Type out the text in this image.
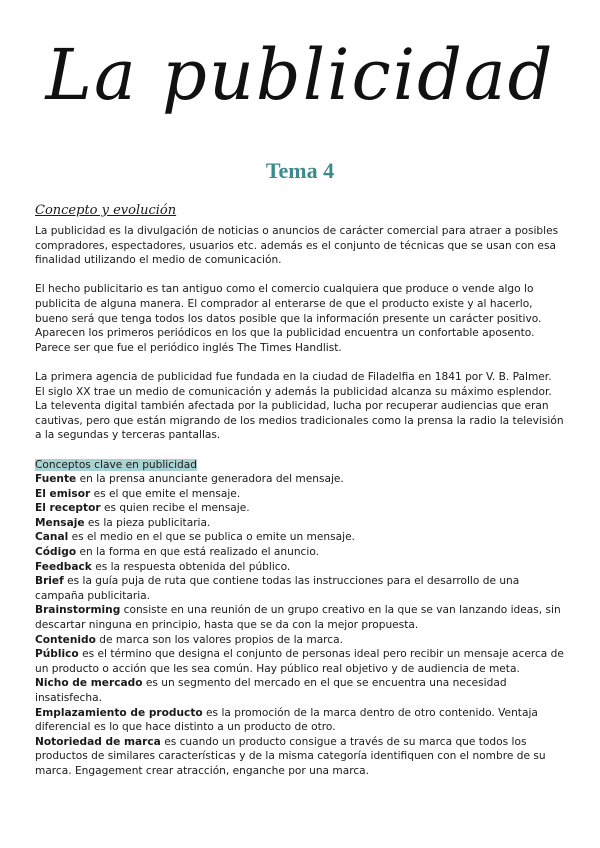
La publicidad
Tema 4
Concepto y evolución

La publicidad es la divulgación de noticias o anuncios de carácter comercial para atraer a posibles compradores, espectadores, usuarios etc. además es el conjunto de técnicas que se usan con esa finalidad utilizando el medio de comunicación.

El hecho publicitario es tan antiguo como el comercio cualquiera que produce o vende algo lo publicita de alguna manera. El comprador al enterarse de que el producto existe y al hacerlo, bueno será que tenga todos los datos posible que la información presente un carácter positivo.

Aparecen los primeros periódicos en los que la publicidad encuentra un confortable aposento. Parece ser que fue el periódico inglés The Times Handlist.

La primera agencia de publicidad fue fundada en la ciudad de Filadelfia en 1841 por V. B. Palmer.

El siglo XX trae un medio de comunicación y además la publicidad alcanza su máximo esplendor.

La televenta digital también afectada por la publicidad, lucha por recuperar audiencias que eran cautivas, pero que están migrando de los medios tradicionales como la prensa la radio la televisión a la segundas y terceras pantallas.

Conceptos clave en publicidad

Fuente en la prensa anunciante generadora del mensaje.

El emisor es el que emite el mensaje.

El receptor es quien recibe el mensaje.

Mensaje es la pieza publicitaria.

Canal es el medio en el que se publica o emite un mensaje.

Código en la forma en que está realizado el anuncio.

Feedback es la respuesta obtenida del público.

Brief es la guía puja de ruta que contiene todas las instrucciones para el desarrollo de una campaña publicitaria.

Brainstorming consiste en una reunión de un grupo creativo en la que se van lanzando ideas, sin descartar ninguna en principio, hasta que se da con la mejor propuesta.

Contenido de marca son los valores propios de la marca.

Público es el término que designa el conjunto de personas ideal pero recibir un mensaje acerca de un producto o acción que les sea común. Hay público real objetivo y de audiencia de meta.

Nicho de mercado es un segmento del mercado en el que se encuentra una necesidad insatisfecha.

Emplazamiento de producto es la promoción de la marca dentro de otro contenido. Ventaja diferencial es lo que hace distinto a un producto de otro.

Notoriedad de marca es cuando un producto consigue a través de su marca que todos los productos de similares características y de la misma categoría identifiquen con el nombre de su marca. Engagement crear atracción, enganche por una marca.
